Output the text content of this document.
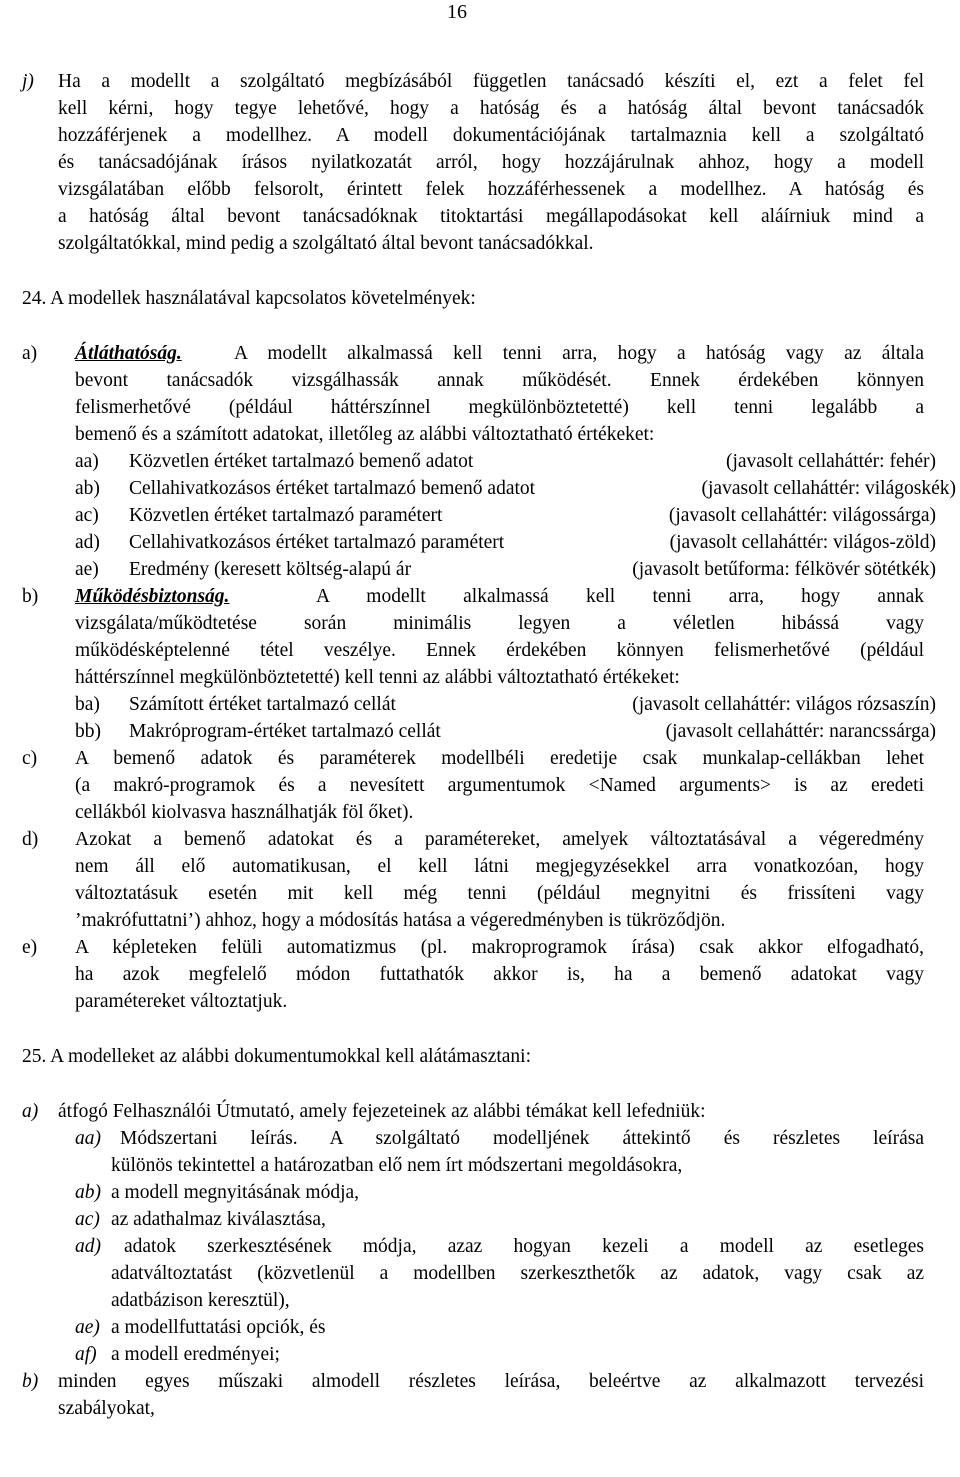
16
j) Ha a modellt a szolgáltató megbízásából független tanácsadó készíti el, ezt a felet fel
kell kérni, hogy tegye lehetővé, hogy a hatóság és a hatóság által bevont tanácsadók
hozzáférjenek a modellhez. A modell dokumentációjának tartalmaznia kell a szolgáltató
és tanácsadójának írásos nyilatkozatát arról, hogy hozzájárulnak ahhoz, hogy a modell
vizsgálatában előbb felsorolt, érintett felek hozzáférhessenek a modellhez. A hatóság és
a hatóság által bevont tanácsadóknak titoktartási megállapodásokat kell aláírniuk mind a
szolgáltatókkal, mind pedig a szolgáltató által bevont tanácsadókkal.
24. A modellek használatával kapcsolatos követelmények:
a) Átláthatóság.	A modellt alkalmassá kell tenni arra, hogy a hatóság vagy az általa
bevont tanácsadók vizsgálhassák annak működését. Ennek érdekében könnyen
felismerhetővé (például háttérszínnel megkülönböztetetté) kell tenni legalább a
bemenő és a számított adatokat, illetőleg az alábbi változtatható értékeket:
aa) Közvetlen értéket tartalmazó bemenő adatot	(javasolt cellaháttér: fehér)
ab) Cellahivatkozásos értéket tartalmazó bemenő adatot	(javasolt cellaháttér: világoskék)
ac) Közvetlen értéket tartalmazó paramétert	(javasolt cellaháttér: világossárga)
ad) Cellahivatkozásos értéket tartalmazó paramétert	(javasolt cellaháttér: világos-zöld)
ae) Eredmény (keresett költség-alapú ár	(javasolt betűforma: félkövér sötétkék)
b) Működésbiztonság.	A modellt alkalmassá kell tenni arra, hogy annak
vizsgálata/működtetése során minimális legyen a véletlen hibássá vagy
működésképtelenné tétel veszélye. Ennek érdekében könnyen felismerhetővé (például
háttérszínnel megkülönböztetetté) kell tenni az alábbi változtatható értékeket:
ba) Számított értéket tartalmazó cellát	(javasolt cellaháttér: világos rózsaszín)
bb) Makróprogram-értéket tartalmazó cellát	(javasolt cellaháttér: narancssárga)
c) A bemenő adatok és paraméterek modellbéli eredetije csak munkalap-cellákban lehet
(a makró-programok és a nevesített argumentumok <Named arguments> is az eredeti
cellákból kiolvasva használhatják föl őket).
d) Azokat a bemenő adatokat és a paramétereket, amelyek változtatásával a végeredmény
nem áll elő automatikusan, el kell látni megjegyzésekkel arra vonatkozóan, hogy
változtatásuk esetén mit kell még tenni (például megnyitni és frissíteni vagy
’makrófuttatni’) ahhoz, hogy a módosítás hatása a végeredményben is tükröződjön.
e) A képleteken felüli automatizmus (pl. makroprogramok írása) csak akkor elfogadható,
ha azok megfelelő módon futtathatók akkor is, ha a bemenő adatokat vagy
paramétereket változtatjuk.
25. A modelleket az alábbi dokumentumokkal kell alátámasztani:
a) átfogó Felhasználói Útmutató, amely fejezeteinek az alábbi témákat kell lefedniük:
aa) Módszertani leírás. A szolgáltató modelljének áttekintő és részletes leírása
különös tekintettel a határozatban elő nem írt módszertani megoldásokra,
ab) a modell megnyitásának módja,
ac) az adathalmaz kiválasztása,
ad) adatok szerkesztésének módja, azaz hogyan kezeli a modell az esetleges
adatváltoztatást (közvetlenül a modellben szerkeszthetők az adatok, vagy csak az
adatbázison keresztül),
ae) a modellfuttatási opciók, és
af) a modell eredményei;
b) minden egyes műszaki almodell részletes leírása, beleértve az alkalmazott tervezési
szabályokat,
